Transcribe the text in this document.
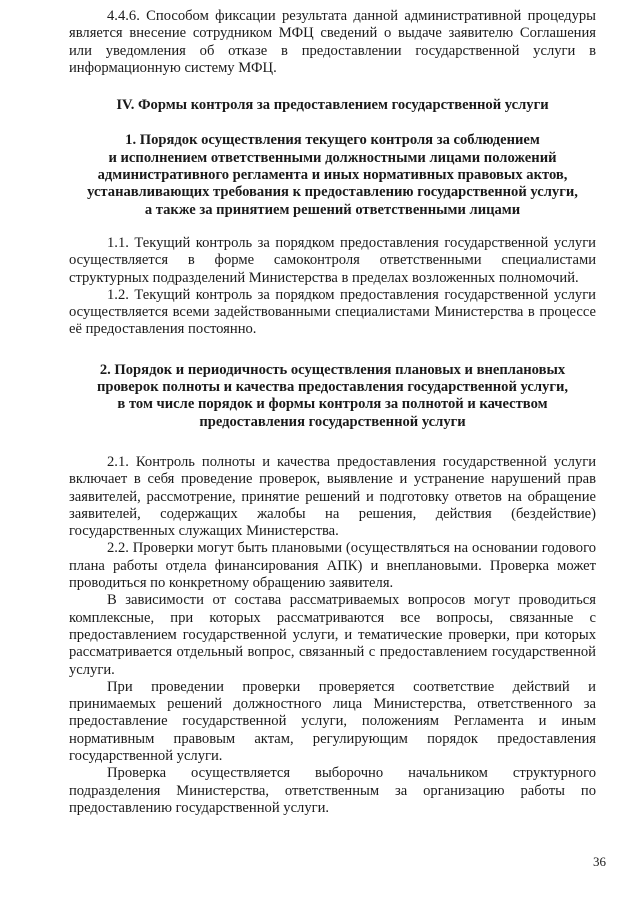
4.4.6. Способом фиксации результата данной административной процедуры является внесение сотрудником МФЦ сведений о выдаче заявителю Соглашения или уведомления об отказе в предоставлении государственной услуги в информационную систему МФЦ.

IV. Формы контроля за предоставлением государственной услуги
1. Порядок осуществления текущего контроля за соблюдением
и исполнением ответственными должностными лицами положений
административного регламента и иных нормативных правовых актов,
устанавливающих требования к предоставлению государственной услуги,
а также за принятием решений ответственными лицами

1.1. Текущий контроль за порядком предоставления государственной услуги осуществляется в форме самоконтроля ответственными специалистами структурных подразделений Министерства в пределах возложенных полномочий.

1.2. Текущий контроль за порядком предоставления государственной услуги осуществляется всеми задействованными специалистами Министерства в процессе её предоставления постоянно.

2. Порядок и периодичность осуществления плановых и внеплановых
проверок полноты и качества предоставления государственной услуги,
в том числе порядок и формы контроля за полнотой и качеством
предоставления государственной услуги

2.1. Контроль полноты и качества предоставления государственной услуги включает в себя проведение проверок, выявление и устранение нарушений прав заявителей, рассмотрение, принятие решений и подготовку ответов на обращение заявителей, содержащих жалобы на решения, действия (бездействие) государственных служащих Министерства.

2.2. Проверки могут быть плановыми (осуществляться на основании годового плана работы отдела финансирования АПК) и внеплановыми. Проверка может проводиться по конкретному обращению заявителя.

В зависимости от состава рассматриваемых вопросов могут проводиться комплексные, при которых рассматриваются все вопросы, связанные с предоставлением государственной услуги, и тематические проверки, при которых рассматривается отдельный вопрос, связанный с предоставлением государственной услуги.

При проведении проверки проверяется соответствие действий и принимаемых решений должностного лица Министерства, ответственного за предоставление государственной услуги, положениям Регламента и иным нормативным правовым актам, регулирующим порядок предоставления государственной услуги.

Проверка осуществляется выборочно начальником структурного подразделения Министерства, ответственным за организацию работы по предоставлению государственной услуги.

36
